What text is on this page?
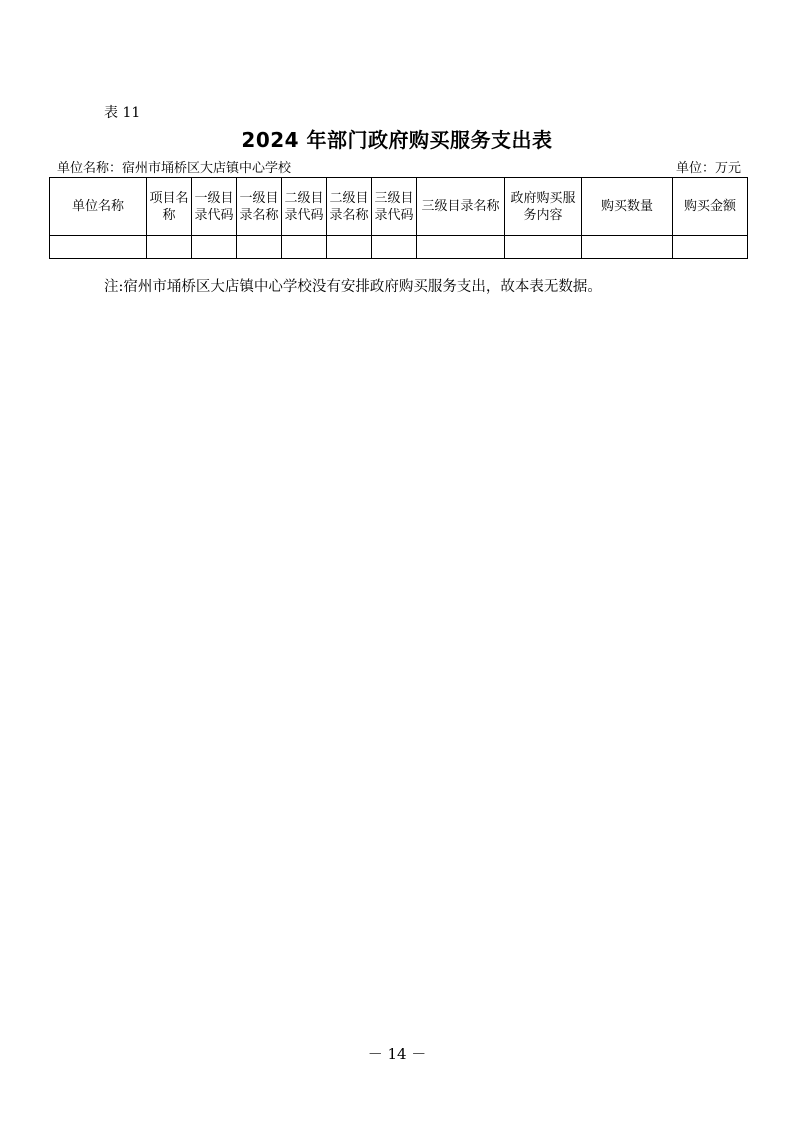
表 11
2024 年部门政府购买服务支出表
单位名称：宿州市埇桥区大店镇中心学校	单位：万元
单位名称	项目名称	一级目录代码	一级目录名称	二级目录代码	二级目录名称	三级目录代码	三级目录名称	政府购买服务内容	购买数量	购买金额

注:宿州市埇桥区大店镇中心学校没有安排政府购买服务支出，故本表无数据。
－ 14 －
